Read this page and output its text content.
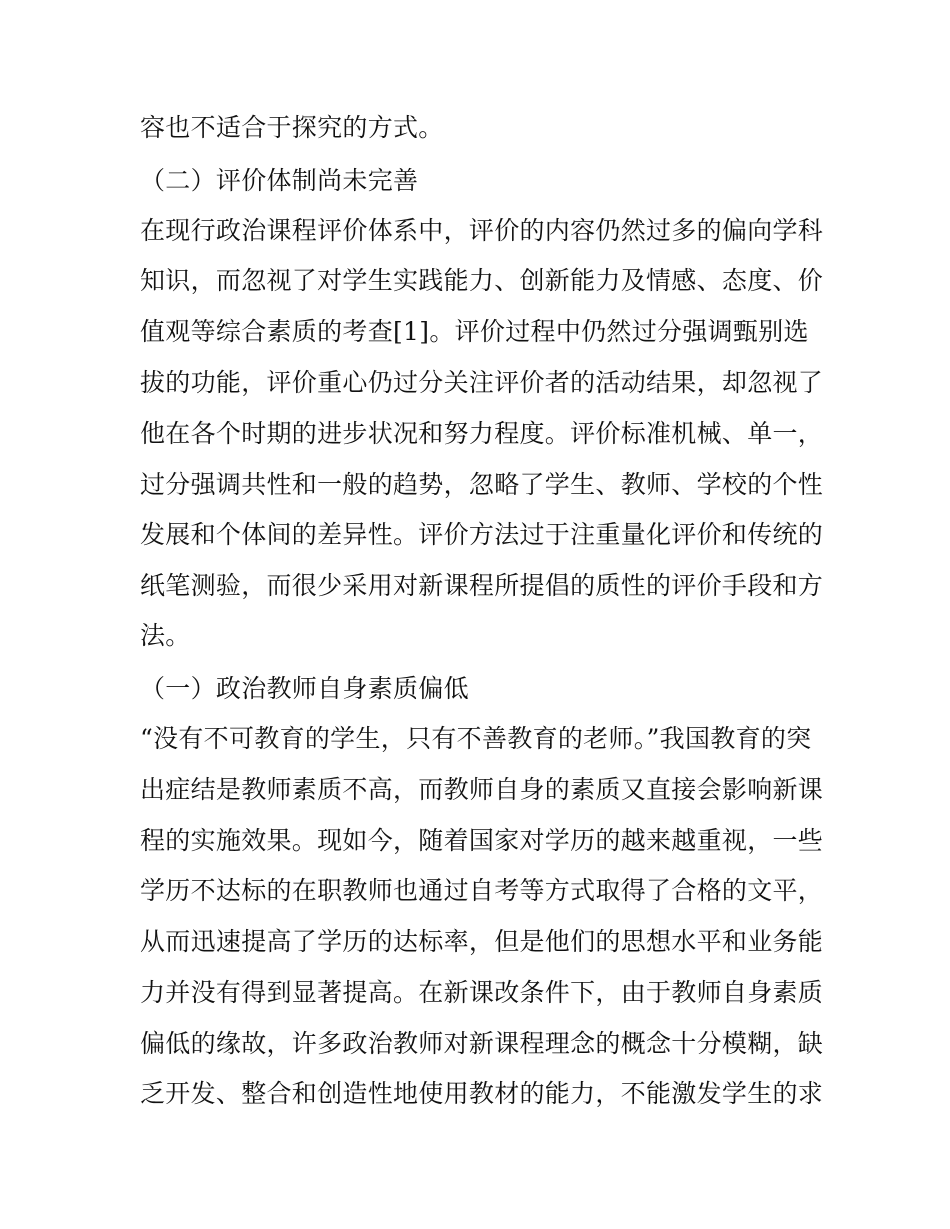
容也不适合于探究的方式。
（二）评价体制尚未完善
在现行政治课程评价体系中，评价的内容仍然过多的偏向学科
知识，而忽视了对学生实践能力、创新能力及情感、态度、价
值观等综合素质的考查[1]。评价过程中仍然过分强调甄别选
拔的功能，评价重心仍过分关注评价者的活动结果，却忽视了
他在各个时期的进步状况和努力程度。评价标准机械、单一，
过分强调共性和一般的趋势，忽略了学生、教师、学校的个性
发展和个体间的差异性。评价方法过于注重量化评价和传统的
纸笔测验，而很少采用对新课程所提倡的质性的评价手段和方
法。
（一）政治教师自身素质偏低
“没有不可教育的学生，只有不善教育的老师。”我国教育的突
出症结是教师素质不高，而教师自身的素质又直接会影响新课
程的实施效果。现如今，随着国家对学历的越来越重视，一些
学历不达标的在职教师也通过自考等方式取得了合格的文平，
从而迅速提高了学历的达标率，但是他们的思想水平和业务能
力并没有得到显著提高。在新课改条件下，由于教师自身素质
偏低的缘故，许多政治教师对新课程理念的概念十分模糊，缺
乏开发、整合和创造性地使用教材的能力，不能激发学生的求
